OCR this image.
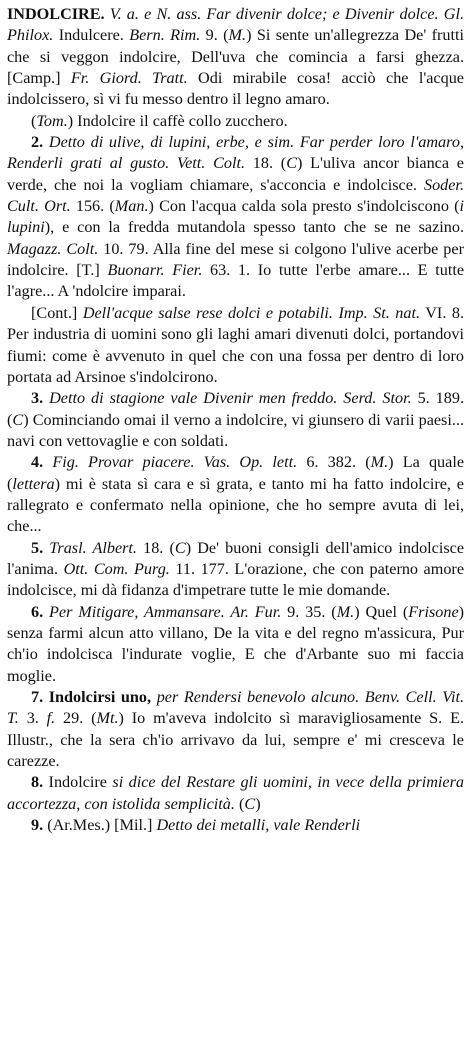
INDOLCIRE. V. a. e N. ass. Far divenir dolce; e Divenir dolce. Gl. Philox. Indulcere. Bern. Rim. 9. (M.) Si sente un'allegrezza De' frutti che si veggon indolcire, Dell'uva che comincia a farsi ghezza. [Camp.] Fr. Giord. Tratt. Odi mirabile cosa! acciò che l'acque indolcissero, sì vi fu messo dentro il legno amaro.

(Tom.) Indolcire il caffè collo zucchero.

2. Detto di ulive, di lupini, erbe, e sim. Far perder loro l'amaro, Renderli grati al gusto. Vett. Colt. 18. (C) L'uliva ancor bianca e verde, che noi la vogliam chiamare, s'acconcia e indolcisce. Soder. Cult. Ort. 156. (Man.) Con l'acqua calda sola presto s'indolciscono (i lupini), e con la fredda mutandola spesso tanto che se ne sazino. Magazz. Colt. 10. 79. Alla fine del mese si colgono l'ulive acerbe per indolcire. [T.] Buonarr. Fier. 63. 1. Io tutte l'erbe amare... E tutte l'agre... A 'ndolcire imparai.

[Cont.] Dell'acque salse rese dolci e potabili. Imp. St. nat. VI. 8. Per industria di uomini sono gli laghi amari divenuti dolci, portandovi fiumi: come è avvenuto in quel che con una fossa per dentro di loro portata ad Arsinoe s'indolcirono.

3. Detto di stagione vale Divenir men freddo. Serd. Stor. 5. 189. (C) Cominciando omai il verno a indolcire, vi giunsero di varii paesi... navi con vettovaglie e con soldati.

4. Fig. Provar piacere. Vas. Op. lett. 6. 382. (M.) La quale (lettera) mi è stata sì cara e sì grata, e tanto mi ha fatto indolcire, e rallegrato e confermato nella opinione, che ho sempre avuta di lei, che...

5. Trasl. Albert. 18. (C) De' buoni consigli dell'amico indolcisce l'anima. Ott. Com. Purg. 11. 177. L'orazione, che con paterno amore indolcisce, mi dà fidanza d'impetrare tutte le mie domande.

6. Per Mitigare, Ammansare. Ar. Fur. 9. 35. (M.) Quel (Frisone) senza farmi alcun atto villano, De la vita e del regno m'assicura, Pur ch'io indolcisca l'indurate voglie, E che d'Arbante suo mi faccia moglie.

7. Indolcirsi uno, per Rendersi benevolo alcuno. Benv. Cell. Vit. T. 3. f. 29. (Mt.) Io m'aveva indolcito sì maravigliosamente S. E. Illustr., che la sera ch'io arrivavo da lui, sempre e' mi cresceva le carezze.

8. Indolcire si dice del Restare gli uomini, in vece della primiera accortezza, con istolida semplicità. (C)

9. (Ar.Mes.) [Mil.] Detto dei metalli, vale Renderli
